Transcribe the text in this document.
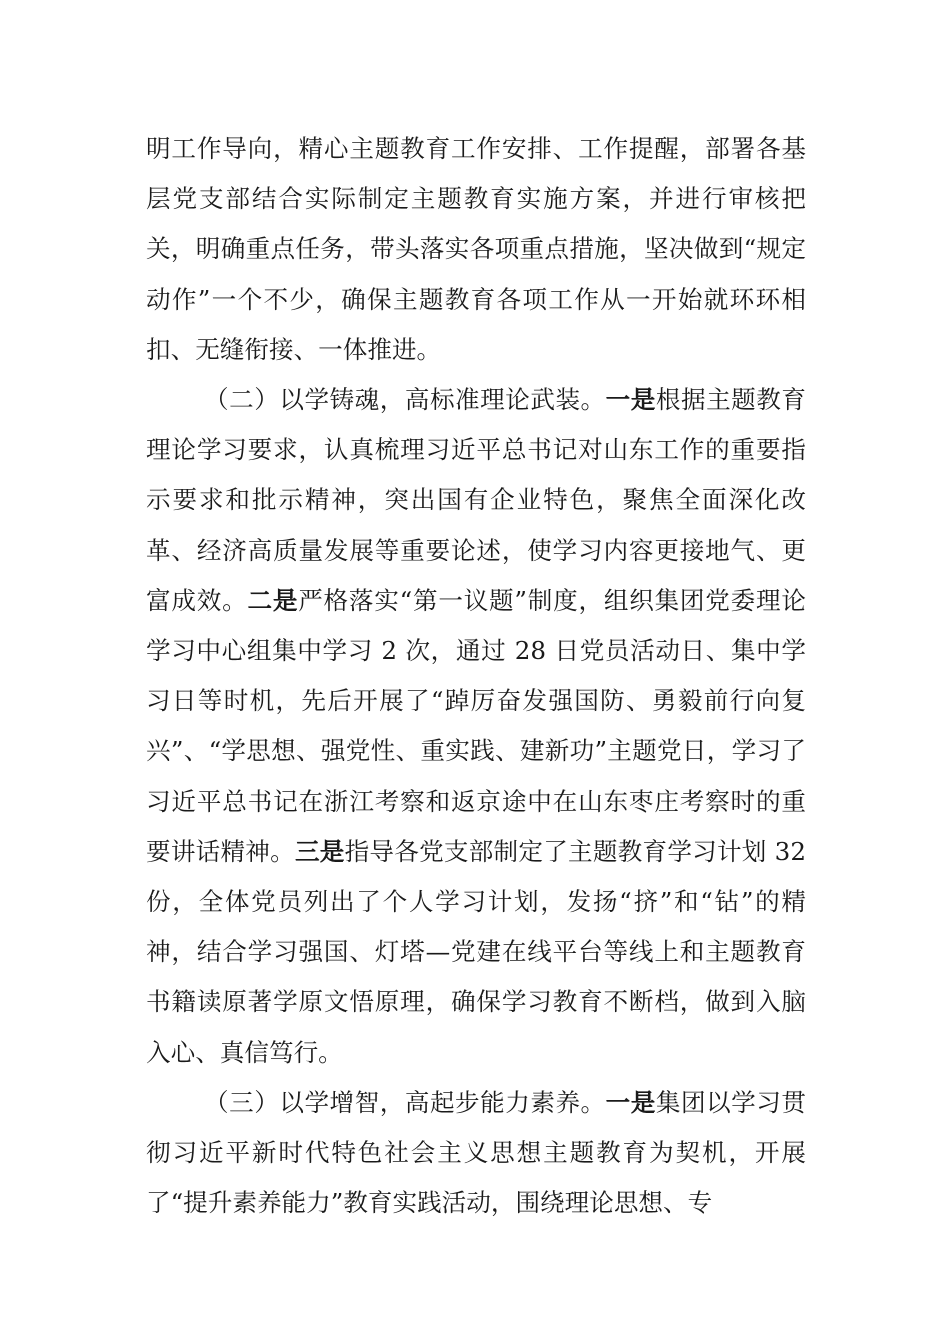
明工作导向，精心主题教育工作安排、工作提醒，部署各基层党支部结合实际制定主题教育实施方案，并进行审核把关，明确重点任务，带头落实各项重点措施，坚决做到“规定动作”一个不少，确保主题教育各项工作从一开始就环环相扣、无缝衔接、一体推进。

（二）以学铸魂，高标准理论武装。一是根据主题教育理论学习要求，认真梳理习近平总书记对山东工作的重要指示要求和批示精神，突出国有企业特色，聚焦全面深化改革、经济高质量发展等重要论述，使学习内容更接地气、更富成效。二是严格落实“第一议题”制度，组织集团党委理论学习中心组集中学习 2 次，通过 28 日党员活动日、集中学习日等时机，先后开展了“踔厉奋发强国防、勇毅前行向复兴”、“学思想、强党性、重实践、建新功”主题党日，学习了习近平总书记在浙江考察和返京途中在山东枣庄考察时的重要讲话精神。三是指导各党支部制定了主题教育学习计划 32 份，全体党员列出了个人学习计划，发扬“挤”和“钻”的精神，结合学习强国、灯塔—党建在线平台等线上和主题教育书籍读原著学原文悟原理，确保学习教育不断档，做到入脑入心、真信笃行。

（三）以学增智，高起步能力素养。一是集团以学习贯彻习近平新时代特色社会主义思想主题教育为契机，开展了“提升素养能力”教育实践活动，围绕理论思想、专
